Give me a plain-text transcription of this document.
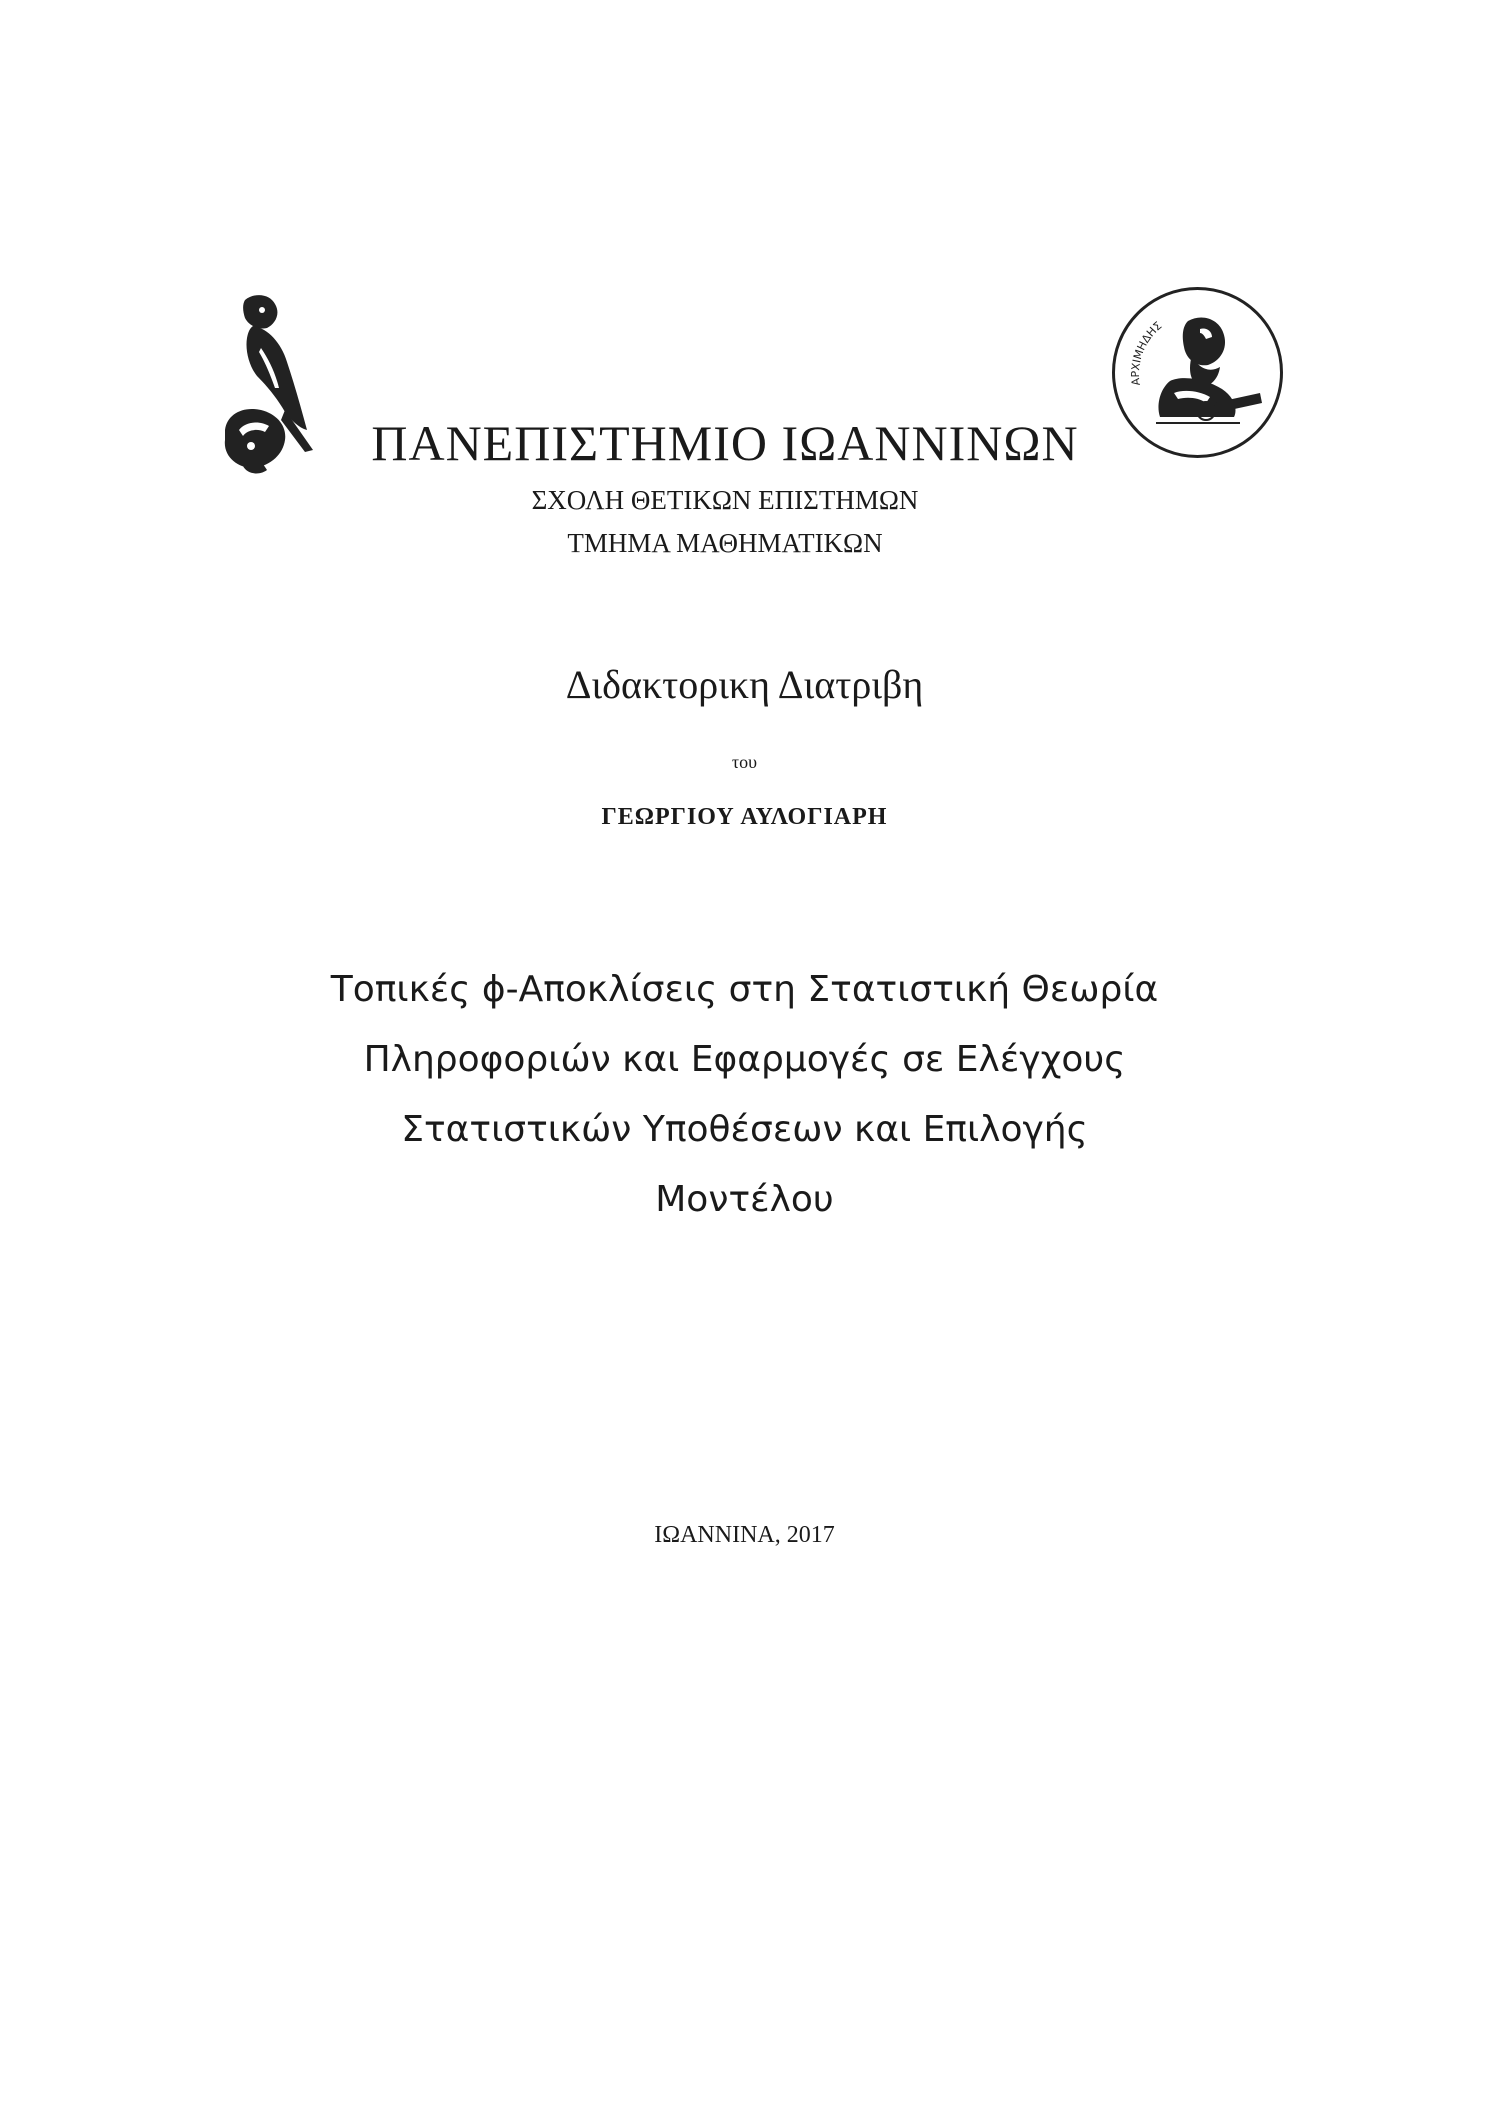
ΑΡΧΙΜΗΔΗΣ
ΠΑΝΕΠΙΣΤΗΜΙΟ ΙΩΑΝΝΙΝΩΝ
ΣΧΟΛΗ ΘΕΤΙΚΩΝ ΕΠΙΣΤΗΜΩΝ
ΤΜΗΜΑ ΜΑΘΗΜΑΤΙΚΩΝ
Διδακτορικη Διατριβη
του
ΓΕΩΡΓΙΟΥ ΑΥΛΟΓΙΑΡΗ
Τοπικές ϕ-Αποκλίσεις στη Στατιστική Θεωρία
Πληροφοριών και Εφαρμογές σε Ελέγχους
Στατιστικών Υποθέσεων και Επιλογής
Μοντέλου
ΙΩΑΝΝΙΝΑ, 2017
